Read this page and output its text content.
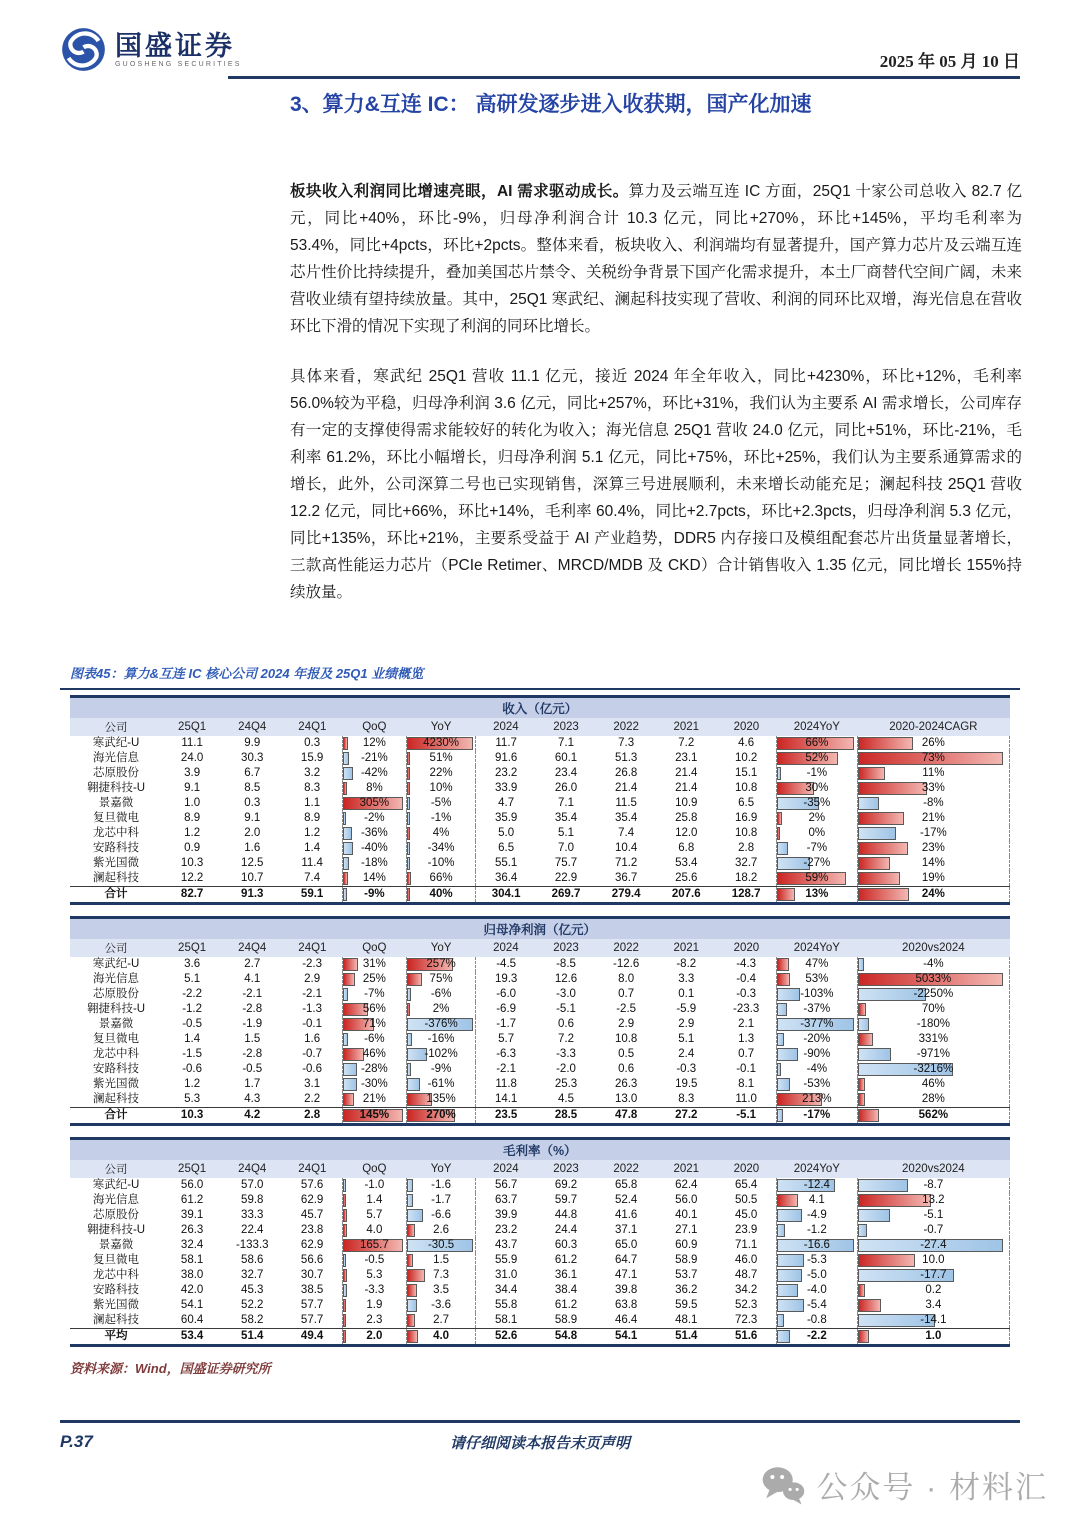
国盛证券
GUOSHENG SECURITIES	2025 年 05 月 10 日
3、算力&互连 IC： 高研发逐步进入收获期，国产化加速

板块收入利润同比增速亮眼，AI 需求驱动成长。算力及云端互连 IC 方面，25Q1 十家公司总收入 82.7 亿元，同比+40%，环比-9%，归母净利润合计 10.3 亿元，同比+270%，环比+145%，平均毛利率为 53.4%，同比+4pcts，环比+2pcts。整体来看，板块收入、利润端均有显著提升，国产算力芯片及云端互连芯片性价比持续提升，叠加美国芯片禁令、关税纷争背景下国产化需求提升，本土厂商替代空间广阔，未来营收业绩有望持续放量。其中，25Q1 寒武纪、澜起科技实现了营收、利润的同环比双增，海光信息在营收环比下滑的情况下实现了利润的同环比增长。

具体来看，寒武纪 25Q1 营收 11.1 亿元，接近 2024 年全年收入，同比+4230%，环比+12%，毛利率 56.0%较为平稳，归母净利润 3.6 亿元，同比+257%，环比+31%，我们认为主要系 AI 需求增长，公司库存有一定的支撑使得需求能较好的转化为收入；海光信息 25Q1 营收 24.0 亿元，同比+51%，环比-21%，毛利率 61.2%，环比小幅增长，归母净利润 5.1 亿元，同比+75%，环比+25%，我们认为主要系通算需求的增长，此外，公司深算二号也已实现销售，深算三号进展顺利，未来增长动能充足；澜起科技 25Q1 营收 12.2 亿元，同比+66%，环比+14%，毛利率 60.4%，同比+2.7pcts，环比+2.3pcts，归母净利润 5.3 亿元，同比+135%，环比+21%，主要系受益于 AI 产业趋势，DDR5 内存接口及模组配套芯片出货量显著增长，三款高性能运力芯片（PCIe Retimer、MRCD/MDB 及 CKD）合计销售收入 1.35 亿元，同比增长 155%持续放量。

图表45：算力&互连 IC 核心公司 2024 年报及 25Q1 业绩概览
收入（亿元）												
公司	25Q1	24Q4	24Q1	QoQ	YoY	2024	2023	2022	2021	2020	2024YoY	2020-2024CAGR
寒武纪-U	11.1	9.9	0.3	12%	4230%	11.7	7.1	7.3	7.2	4.6	66%	26%

海光信息	24.0	30.3	15.9	-21%	51%	91.6	60.1	51.3	23.1	10.2	52%	73%

芯原股份	3.9	6.7	3.2	-42%	22%	23.2	23.4	26.8	21.4	15.1	-1%	11%

翱捷科技-U	9.1	8.5	8.3	8%	10%	33.9	26.0	21.4	21.4	10.8	30%	33%

景嘉微	1.0	0.3	1.1	305%	-5%	4.7	7.1	11.5	10.9	6.5	-35%	-8%

复旦微电	8.9	9.1	8.9	-2%	-1%	35.9	35.4	35.4	25.8	16.9	2%	21%

龙芯中科	1.2	2.0	1.2	-36%	4%	5.0	5.1	7.4	12.0	10.8	0%	-17%

安路科技	0.9	1.6	1.4	-40%	-34%	6.5	7.0	10.4	6.8	2.8	-7%	23%

紫光国微	10.3	12.5	11.4	-18%	-10%	55.1	75.7	71.2	53.4	32.7	-27%	14%

澜起科技	12.2	10.7	7.4	14%	66%	36.4	22.9	36.7	25.6	18.2	59%	19%

合计	82.7	91.3	59.1	-9%	40%	304.1	269.7	279.4	207.6	128.7	13%	24%
归母净利润（亿元）												
公司	25Q1	24Q4	24Q1	QoQ	YoY	2024	2023	2022	2021	2020	2024YoY	2020vs2024
寒武纪-U	3.6	2.7	-2.3	31%	257%	-4.5	-8.5	-12.6	-8.2	-4.3	47%	-4%

海光信息	5.1	4.1	2.9	25%	75%	19.3	12.6	8.0	3.3	-0.4	53%	5033%

芯原股份	-2.2	-2.1	-2.1	-7%	-6%	-6.0	-3.0	0.7	0.1	-0.3	-103%	-2250%

翱捷科技-U	-1.2	-2.8	-1.3	56%	2%	-6.9	-5.1	-2.5	-5.9	-23.3	-37%	70%

景嘉微	-0.5	-1.9	-0.1	71%	-376%	-1.7	0.6	2.9	2.9	2.1	-377%	-180%

复旦微电	1.4	1.5	1.6	-6%	-16%	5.7	7.2	10.8	5.1	1.3	-20%	331%

龙芯中科	-1.5	-2.8	-0.7	46%	-102%	-6.3	-3.3	0.5	2.4	0.7	-90%	-971%

安路科技	-0.6	-0.5	-0.6	-28%	-9%	-2.1	-2.0	0.6	-0.3	-0.1	-4%	-3216%

紫光国微	1.2	1.7	3.1	-30%	-61%	11.8	25.3	26.3	19.5	8.1	-53%	46%

澜起科技	5.3	4.3	2.2	21%	135%	14.1	4.5	13.0	8.3	11.0	213%	28%

合计	10.3	4.2	2.8	145%	270%	23.5	28.5	47.8	27.2	-5.1	-17%	562%
毛利率（%）												
公司	25Q1	24Q4	24Q1	QoQ	YoY	2024	2023	2022	2021	2020	2024YoY	2020vs2024
寒武纪-U	56.0	57.0	57.6	-1.0	-1.6	56.7	69.2	65.8	62.4	65.4	-12.4	-8.7

海光信息	61.2	59.8	62.9	1.4	-1.7	63.7	59.7	52.4	56.0	50.5	4.1	13.2

芯原股份	39.1	33.3	45.7	5.7	-6.6	39.9	44.8	41.6	40.1	45.0	-4.9	-5.1

翱捷科技-U	26.3	22.4	23.8	4.0	2.6	23.2	24.4	37.1	27.1	23.9	-1.2	-0.7

景嘉微	32.4	-133.3	62.9	165.7	-30.5	43.7	60.3	65.0	60.9	71.1	-16.6	-27.4

复旦微电	58.1	58.6	56.6	-0.5	1.5	55.9	61.2	64.7	58.9	46.0	-5.3	10.0

龙芯中科	38.0	32.7	30.7	5.3	7.3	31.0	36.1	47.1	53.7	48.7	-5.0	-17.7

安路科技	42.0	45.3	38.5	-3.3	3.5	34.4	38.4	39.8	36.2	34.2	-4.0	0.2

紫光国微	54.1	52.2	57.7	1.9	-3.6	55.8	61.2	63.8	59.5	52.3	-5.4	3.4

澜起科技	60.4	58.2	57.7	2.3	2.7	58.1	58.9	46.4	48.1	72.3	-0.8	-14.1

平均	53.4	51.4	49.4	2.0	4.0	52.6	54.8	54.1	51.4	51.6	-2.2	1.0
资料来源：Wind，国盛证券研究所
P.37	请仔细阅读本报告末页声明
公众号 · 材料汇
